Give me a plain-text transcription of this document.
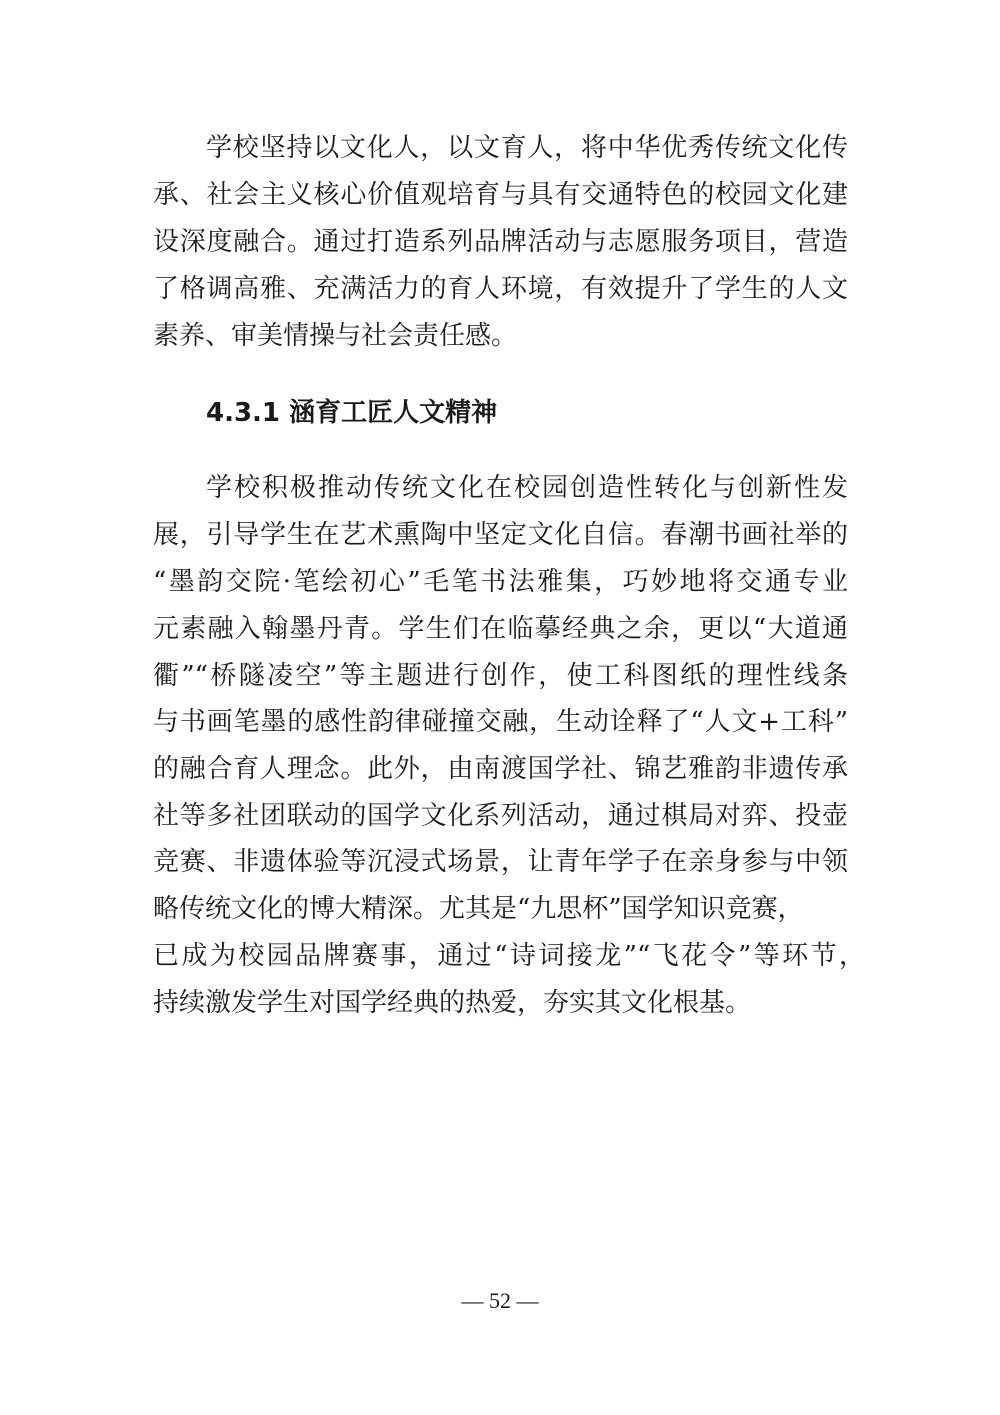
学校坚持以文化人，以文育人，将中华优秀传统文化传
承、社会主义核心价值观培育与具有交通特色的校园文化建
设深度融合。通过打造系列品牌活动与志愿服务项目，营造
了格调高雅、充满活力的育人环境，有效提升了学生的人文
素养、审美情操与社会责任感。
4.3.1 涵育工匠人文精神
学校积极推动传统文化在校园创造性转化与创新性发
展，引导学生在艺术熏陶中坚定文化自信。春潮书画社举的
“墨韵交院·笔绘初心”毛笔书法雅集，巧妙地将交通专业
元素融入翰墨丹青。学生们在临摹经典之余，更以“大道通
衢”“桥隧凌空”等主题进行创作，使工科图纸的理性线条
与书画笔墨的感性韵律碰撞交融，生动诠释了“人文+工科”
的融合育人理念。此外，由南渡国学社、锦艺雅韵非遗传承
社等多社团联动的国学文化系列活动，通过棋局对弈、投壶
竞赛、非遗体验等沉浸式场景，让青年学子在亲身参与中领
略传统文化的博大精深。尤其是“九思杯”国学知识竞赛，
已成为校园品牌赛事，通过“诗词接龙”“飞花令”等环节，
持续激发学生对国学经典的热爱，夯实其文化根基。
— 52 —
